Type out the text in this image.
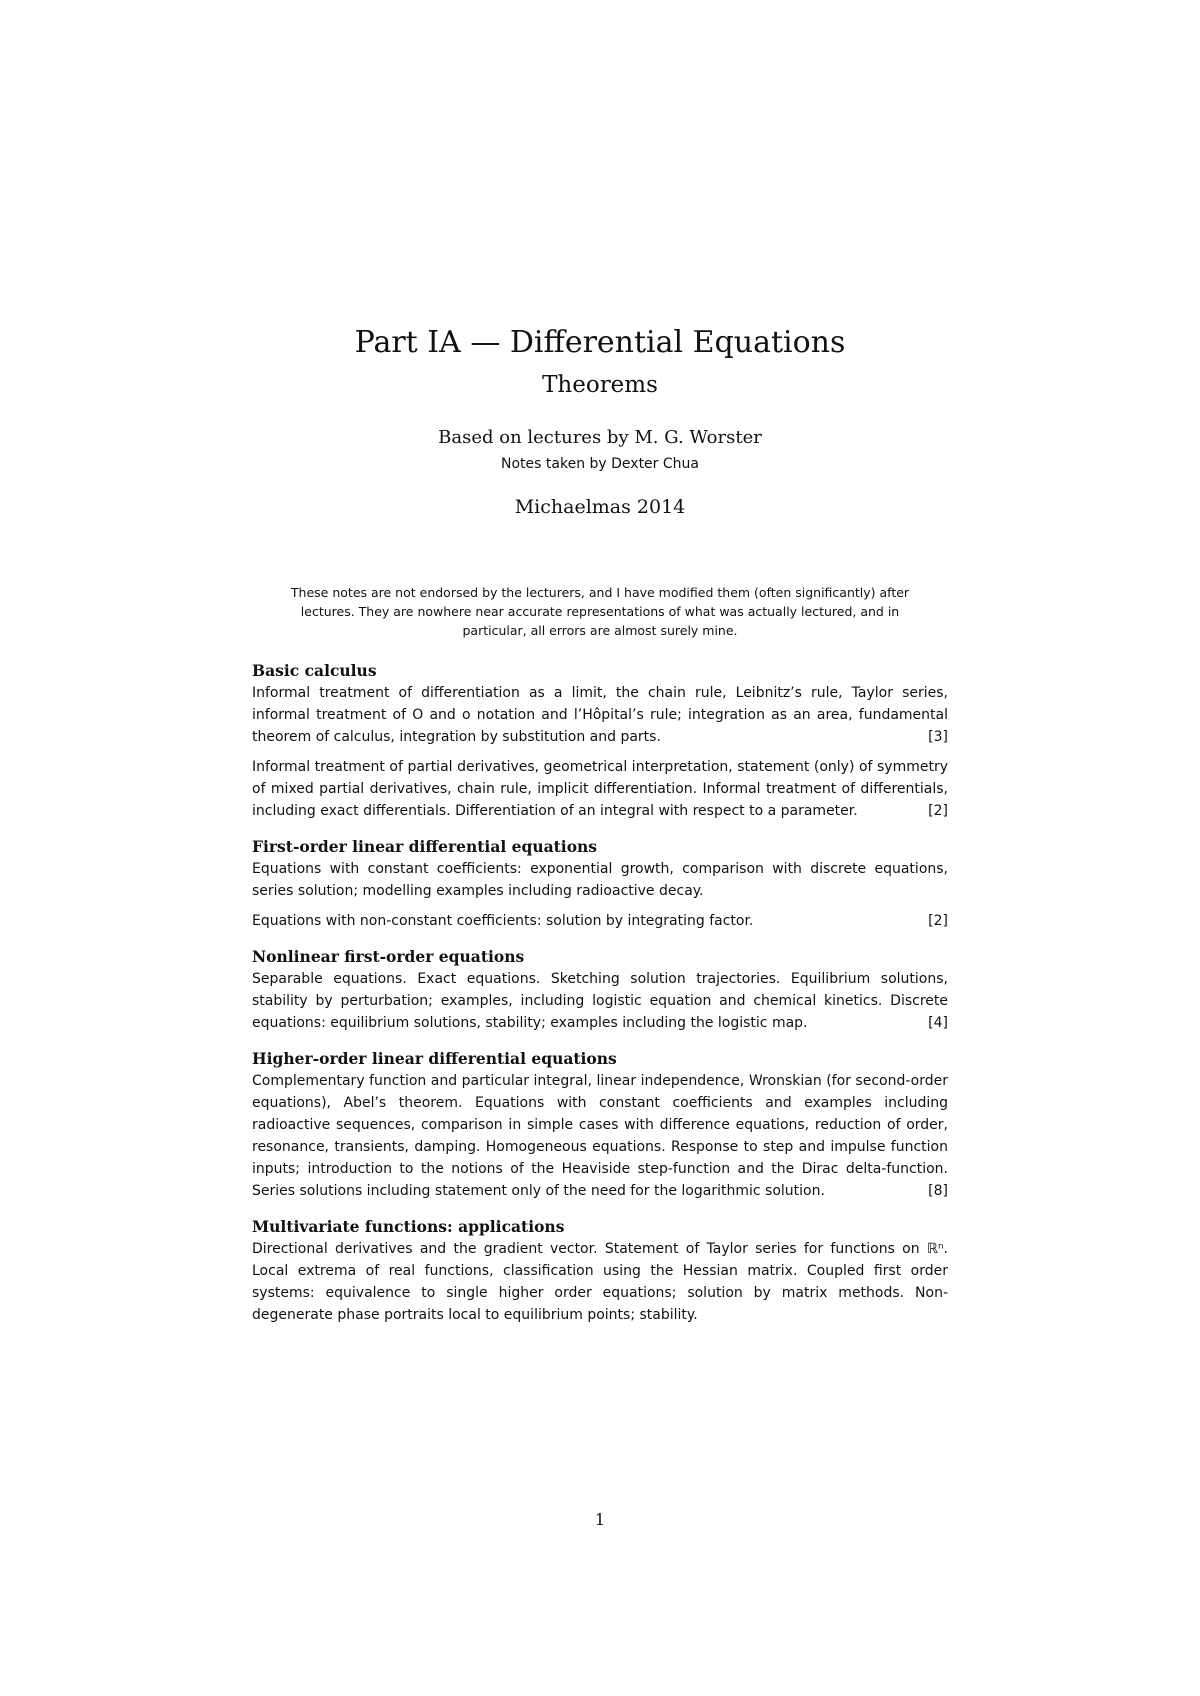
Part IA — Differential Equations
Theorems
Based on lectures by M. G. Worster
Notes taken by Dexter Chua
Michaelmas 2014

These notes are not endorsed by the lecturers, and I have modified them (often significantly) after lectures. They are nowhere near accurate representations of what was actually lectured, and in particular, all errors are almost surely mine.

Basic calculus

Informal treatment of differentiation as a limit, the chain rule, Leibnitz’s rule, Taylor series, informal treatment of O and o notation and l’Hôpital’s rule; integration as an area, fundamental theorem of calculus, integration by substitution and parts.	[3]

Informal treatment of partial derivatives, geometrical interpretation, statement (only) of symmetry of mixed partial derivatives, chain rule, implicit differentiation. Informal treatment of differentials, including exact differentials. Differentiation of an integral with respect to a parameter.	[2]

First-order linear differential equations

Equations with constant coefficients: exponential growth, comparison with discrete equations, series solution; modelling examples including radioactive decay.

Equations with non-constant coefficients: solution by integrating factor.	[2]

Nonlinear first-order equations

Separable equations. Exact equations. Sketching solution trajectories. Equilibrium solutions, stability by perturbation; examples, including logistic equation and chemical kinetics. Discrete equations: equilibrium solutions, stability; examples including the logistic map.	[4]

Higher-order linear differential equations

Complementary function and particular integral, linear independence, Wronskian (for second-order equations), Abel’s theorem. Equations with constant coefficients and examples including radioactive sequences, comparison in simple cases with difference equations, reduction of order, resonance, transients, damping. Homogeneous equations. Response to step and impulse function inputs; introduction to the notions of the Heaviside step-function and the Dirac delta-function. Series solutions including statement only of the need for the logarithmic solution.	[8]

Multivariate functions: applications

Directional derivatives and the gradient vector. Statement of Taylor series for functions on ℝⁿ. Local extrema of real functions, classification using the Hessian matrix. Coupled first order systems: equivalence to single higher order equations; solution by matrix methods. Non-degenerate phase portraits local to equilibrium points; stability.

1
